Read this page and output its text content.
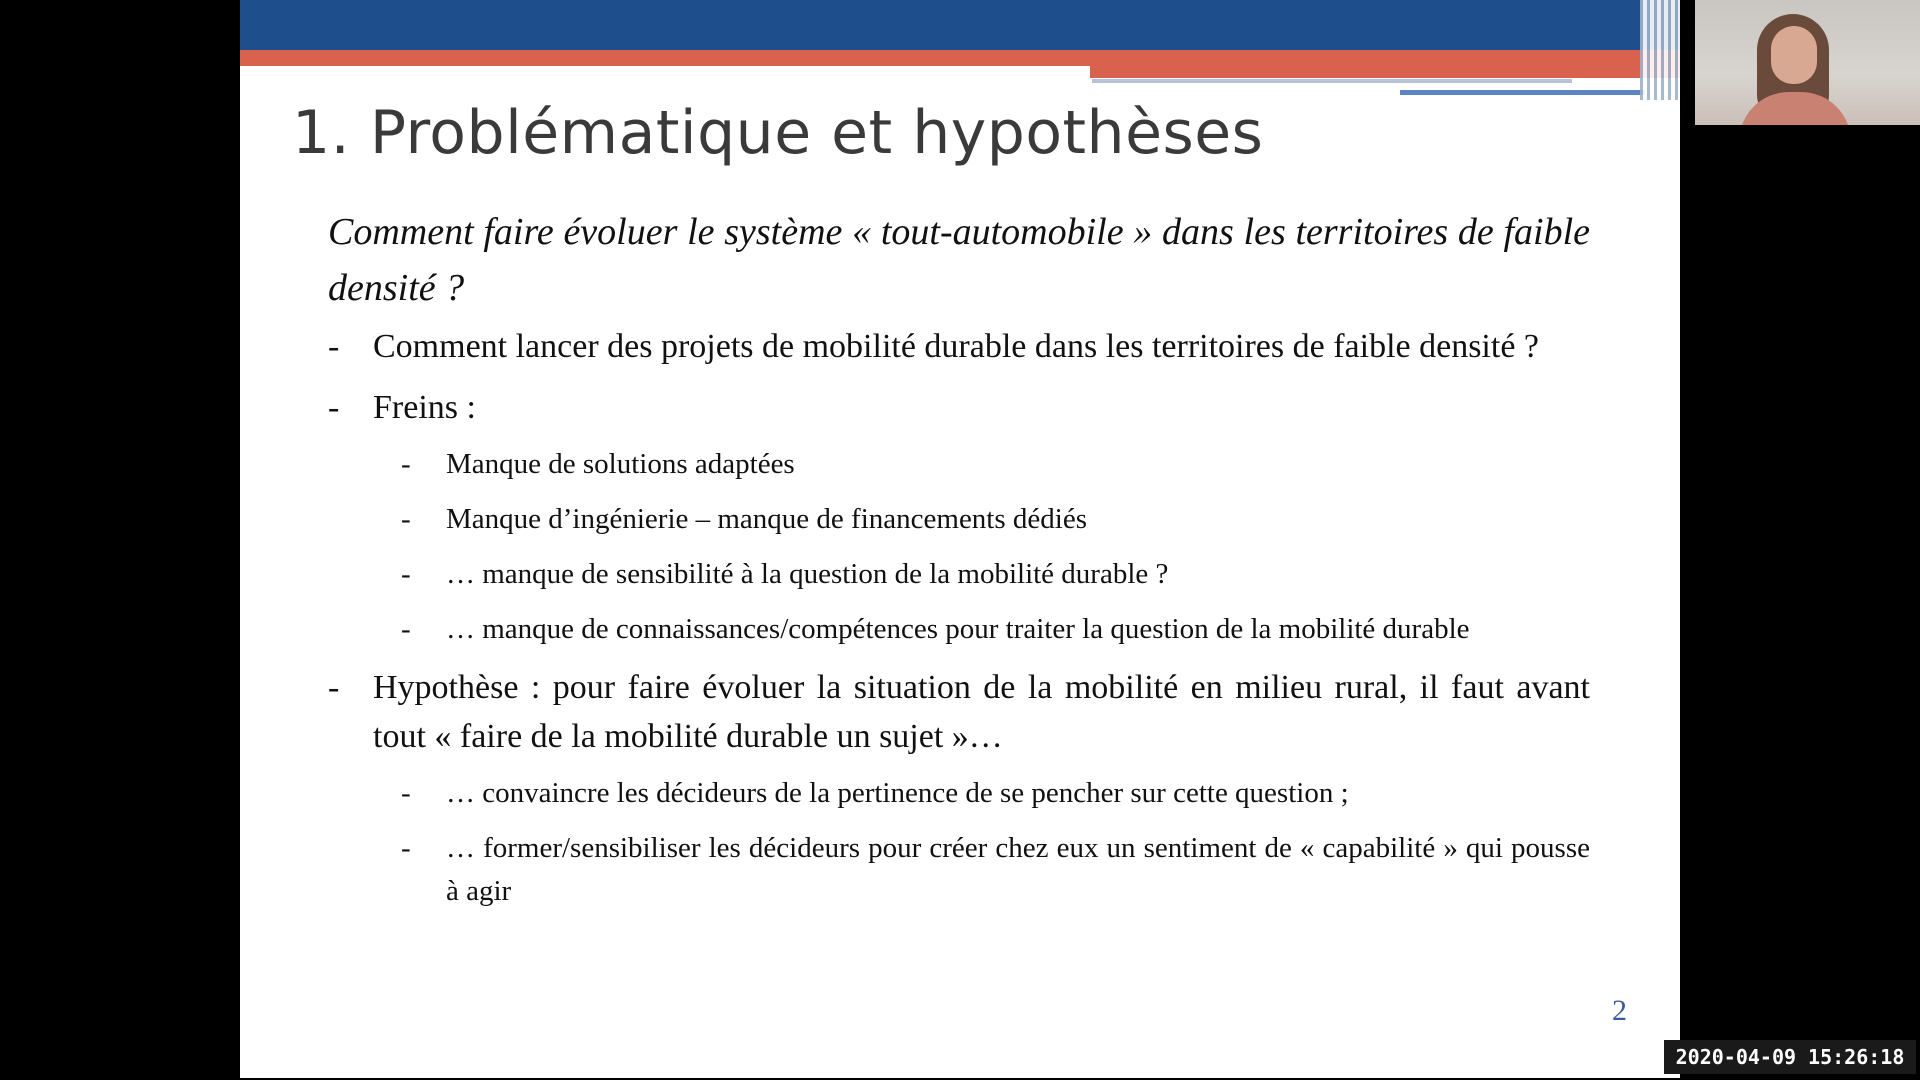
1. Problématique et hypothèses
Comment faire évoluer le système « tout-automobile » dans les territoires de faible densité ?
- Comment lancer des projets de mobilité durable dans les territoires de faible densité ?
- Freins :
- Manque de solutions adaptées
- Manque d’ingénierie – manque de financements dédiés
- … manque de sensibilité à la question de la mobilité durable ?
- … manque de connaissances/compétences pour traiter la question de la mobilité durable
- Hypothèse : pour faire évoluer la situation de la mobilité en milieu rural, il faut avant tout « faire de la mobilité durable un sujet »…
- … convaincre les décideurs de la pertinence de se pencher sur cette question ;
- … former/sensibiliser les décideurs pour créer chez eux un sentiment de « capabilité » qui pousse à agir
2
2020-04-09 15:26:18
